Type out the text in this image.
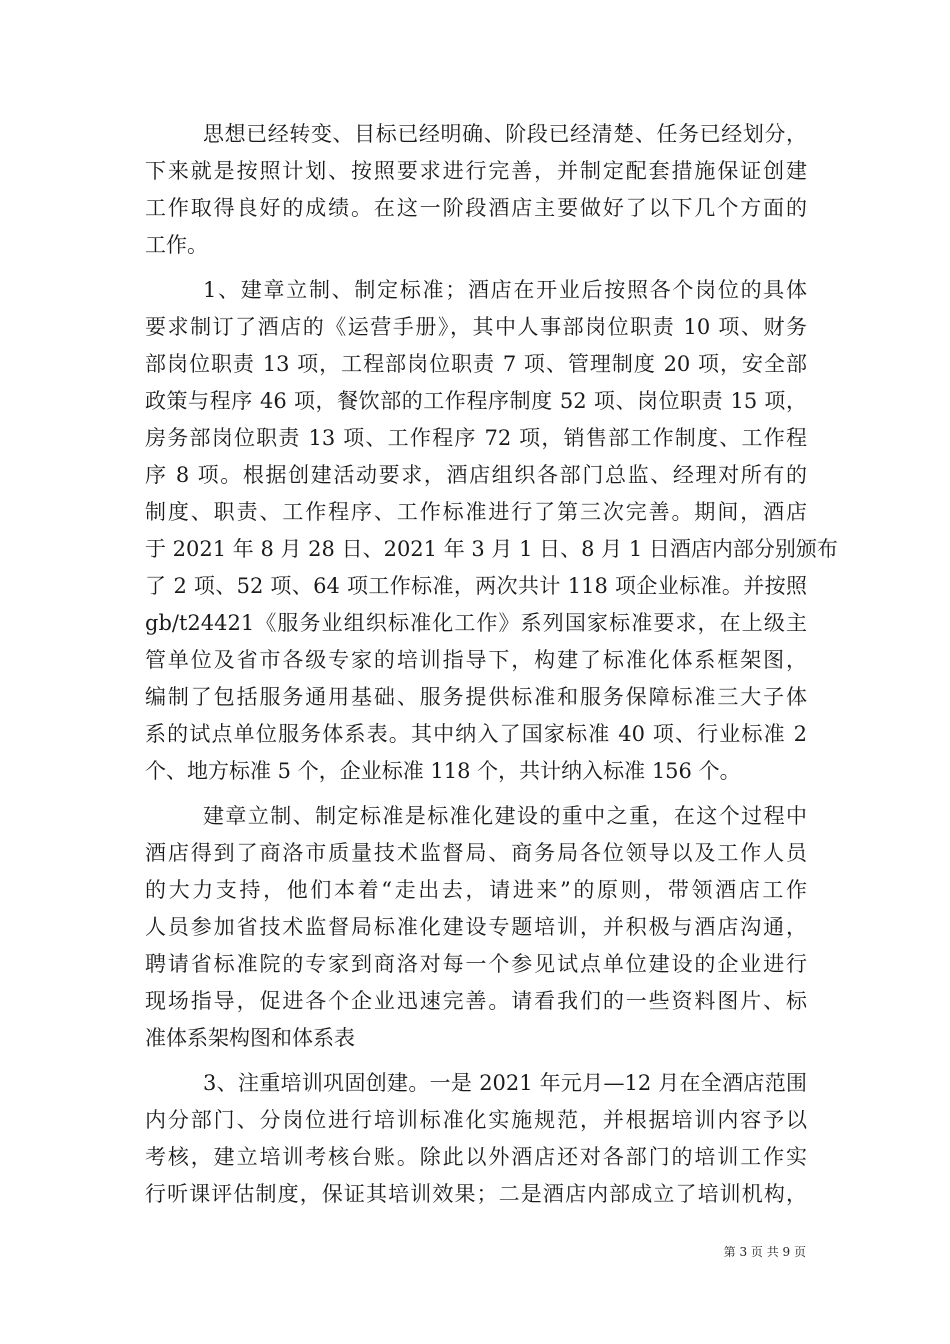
思想已经转变、目标已经明确、阶段已经清楚、任务已经划分，
下来就是按照计划、按照要求进行完善，并制定配套措施保证创建
工作取得良好的成绩。在这一阶段酒店主要做好了以下几个方面的
工作。
1、建章立制、制定标准；酒店在开业后按照各个岗位的具体
要求制订了酒店的《运营手册》，其中人事部岗位职责 10 项、财务
部岗位职责 13 项，工程部岗位职责 7 项、管理制度 20 项，安全部
政策与程序 46 项，餐饮部的工作程序制度 52 项、岗位职责 15 项，
房务部岗位职责 13 项、工作程序 72 项，销售部工作制度、工作程
序 8 项。根据创建活动要求，酒店组织各部门总监、经理对所有的
制度、职责、工作程序、工作标准进行了第三次完善。期间，酒店
于 2021 年 8 月 28 日、2021 年 3 月 1 日、8 月 1 日酒店内部分别颁布
了 2 项、52 项、64 项工作标准，两次共计 118 项企业标准。并按照
gb/t24421《服务业组织标准化工作》系列国家标准要求，在上级主
管单位及省市各级专家的培训指导下，构建了标准化体系框架图，
编制了包括服务通用基础、服务提供标准和服务保障标准三大子体
系的试点单位服务体系表。其中纳入了国家标准 40 项、行业标准 2
个、地方标准 5 个，企业标准 118 个，共计纳入标准 156 个。
建章立制、制定标准是标准化建设的重中之重，在这个过程中
酒店得到了商洛市质量技术监督局、商务局各位领导以及工作人员
的大力支持，他们本着“走出去，请进来”的原则，带领酒店工作
人员参加省技术监督局标准化建设专题培训，并积极与酒店沟通，
聘请省标准院的专家到商洛对每一个参见试点单位建设的企业进行
现场指导，促进各个企业迅速完善。请看我们的一些资料图片、标
准体系架构图和体系表
3、注重培训巩固创建。一是 2021 年元月—12 月在全酒店范围
内分部门、分岗位进行培训标准化实施规范，并根据培训内容予以
考核，建立培训考核台账。除此以外酒店还对各部门的培训工作实
行听课评估制度，保证其培训效果；二是酒店内部成立了培训机构，
第 3 页 共 9 页
